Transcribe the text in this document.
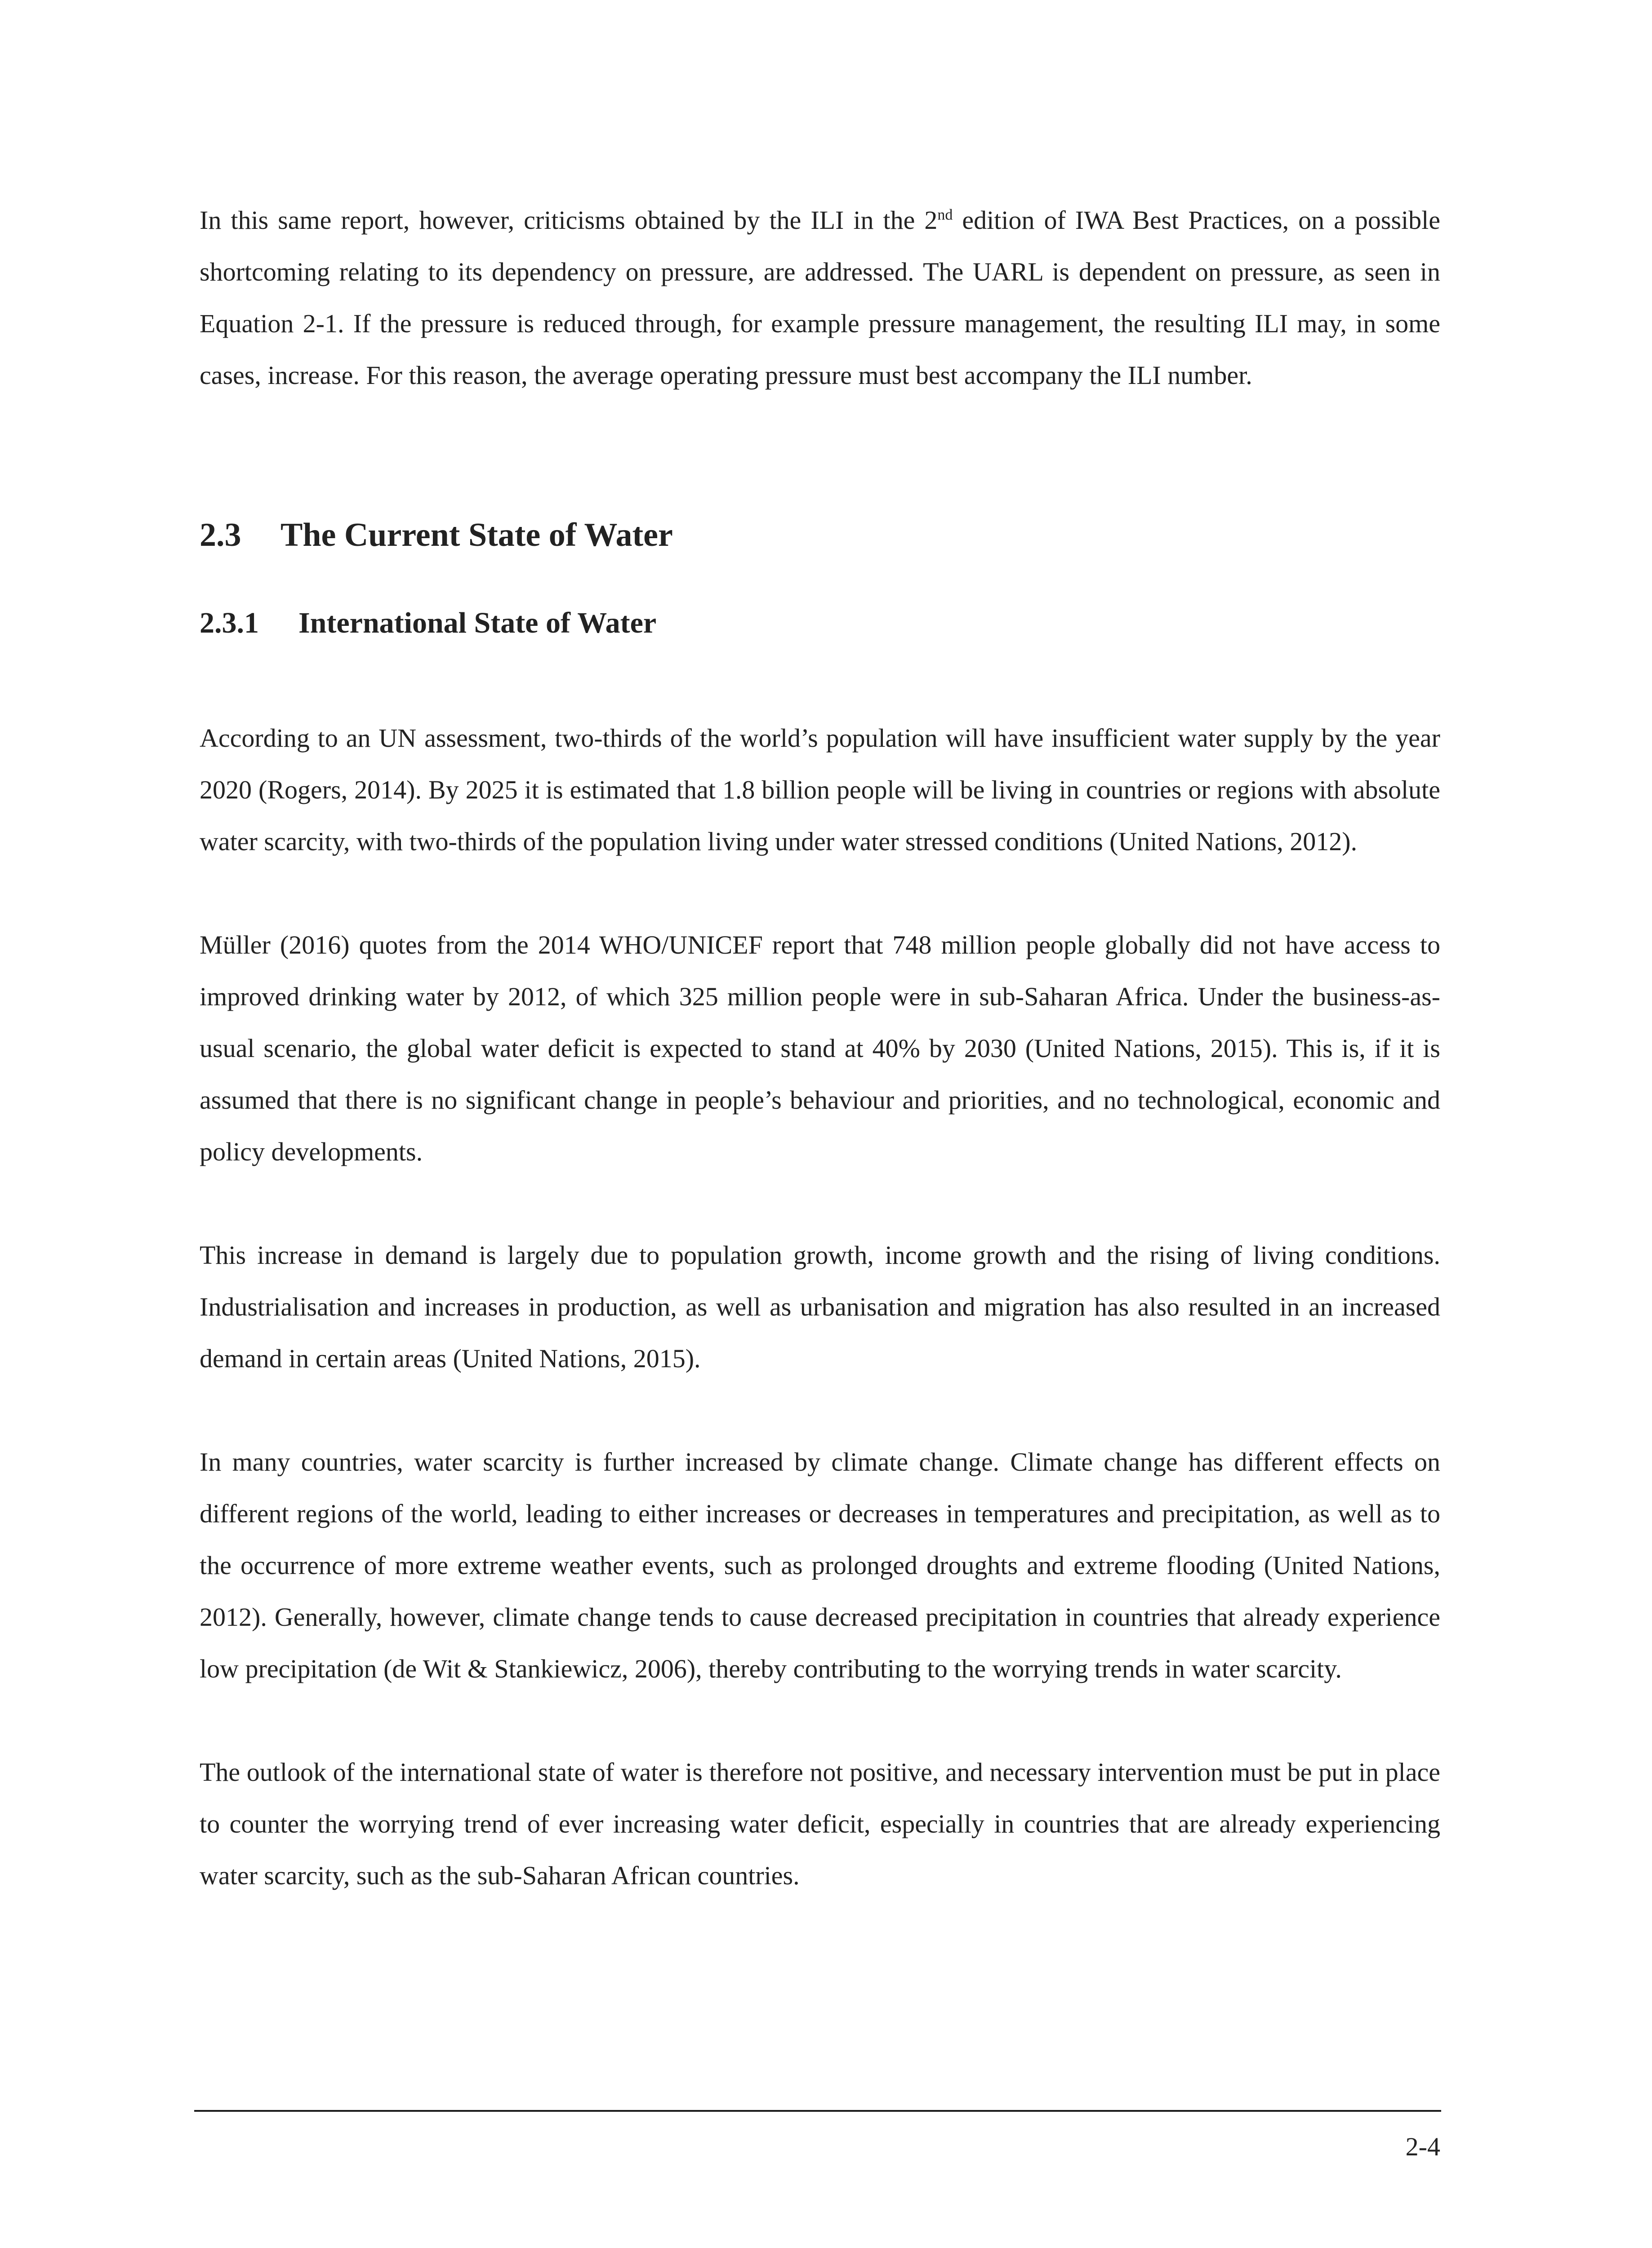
In this same report, however, criticisms obtained by the ILI in the 2nd edition of IWA Best Practices, on a possible shortcoming relating to its dependency on pressure, are addressed. The UARL is dependent on pressure, as seen in Equation 2-1. If the pressure is reduced through, for example pressure management, the resulting ILI may, in some cases, increase. For this reason, the average operating pressure must best accompany the ILI number.

2.3	The Current State of Water
2.3.1	International State of Water

According to an UN assessment, two-thirds of the world’s population will have insufficient water supply by the year 2020 (Rogers, 2014). By 2025 it is estimated that 1.8 billion people will be living in countries or regions with absolute water scarcity, with two-thirds of the population living under water stressed conditions (United Nations, 2012).

Müller (2016) quotes from the 2014 WHO/UNICEF report that 748 million people globally did not have access to improved drinking water by 2012, of which 325 million people were in sub-Saharan Africa. Under the business-as-usual scenario, the global water deficit is expected to stand at 40% by 2030 (United Nations, 2015). This is, if it is assumed that there is no significant change in people’s behaviour and priorities, and no technological, economic and policy developments.

This increase in demand is largely due to population growth, income growth and the rising of living conditions. Industrialisation and increases in production, as well as urbanisation and migration has also resulted in an increased demand in certain areas (United Nations, 2015).

In many countries, water scarcity is further increased by climate change. Climate change has different effects on different regions of the world, leading to either increases or decreases in temperatures and precipitation, as well as to the occurrence of more extreme weather events, such as prolonged droughts and extreme flooding (United Nations, 2012). Generally, however, climate change tends to cause decreased precipitation in countries that already experience low precipitation (de Wit & Stankiewicz, 2006), thereby contributing to the worrying trends in water scarcity.

The outlook of the international state of water is therefore not positive, and necessary intervention must be put in place to counter the worrying trend of ever increasing water deficit, especially in countries that are already experiencing water scarcity, such as the sub-Saharan African countries.

2-4
